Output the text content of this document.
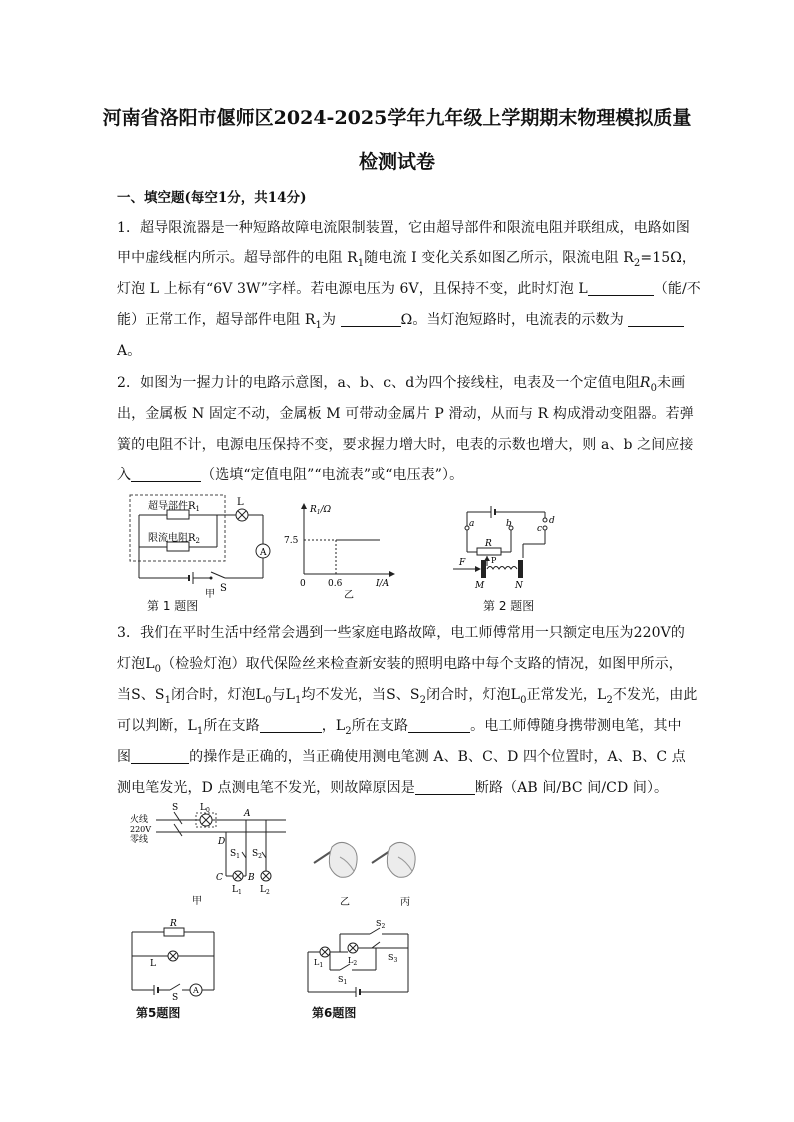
河南省洛阳市偃师区2024-2025学年九年级上学期期末物理模拟质量
检测试卷
一、填空题(每空1分，共14分)
1．超导限流器是一种短路故障电流限制装置，它由超导部件和限流电阻并联组成，电路如图
甲中虚线框内所示。超导部件的电阻 $R_1$随电流 I 变化关系如图乙所示，限流电阻 $R_2=15\Omega$，
灯泡 L 上标有“6V 3W”字样。若电源电压为 6V，且保持不变，此时灯泡 L	（能/不
能）正常工作，超导部件电阻 $R_1$为	Ω。当灯泡短路时，电流表的示数为
A。
2．如图为一握力计的电路示意图，a、b、c、d为四个接线柱，电表及一个定值电阻$R_0$未画
出，金属板 N 固定不动，金属板 M 可带动金属片 P 滑动，从而与 R 构成滑动变阻器。若弹
簧的电阻不计，电源电压保持不变，要求握力增大时，电表的示数也增大，则 a、b 之间应接
入	（选填“定值电阻”“电流表”或“电压表”）。
超导部件$R_1$
限流电阻$R_2$
L
A
S
甲
第 1 题图
$R_1/\Omega$
7.5
0 0.6	I/A
乙
a	b	c
d
R
P
F
M	N
第 2 题图
3．我们在平时生活中经常会遇到一些家庭电路故障，电工师傅常用一只额定电压为220V的
灯泡$L_0$（检验灯泡）取代保险丝来检查新安装的照明电路中每个支路的情况，如图甲所示，
当S、$S_1$闭合时，灯泡$L_0$与$L_1$均不发光，当S、$S_2$闭合时，灯泡$L_0$正常发光，$L_2$不发光，由此
可以判断，$L_1$所在支路	，$L_2$所在支路	。电工师傅随身携带测电笔，其中
图	的操作是正确的，当正确使用测电笔测 A、B、C、D 四个位置时，A、B、C 点
测电笔发光，D 点测电笔不发光，则故障原因是	断路（AB 间/BC 间/CD 间）。
火线
220V
零线
S $L_0$	A
D
C	B
$S_1$ $S_2$
$L_1$ $L_2$
甲	乙	丙
R
L
S
A
第5题图
$L_1$
$L_2$
$S_1$
$S_2$
$S_3$
第6题图
